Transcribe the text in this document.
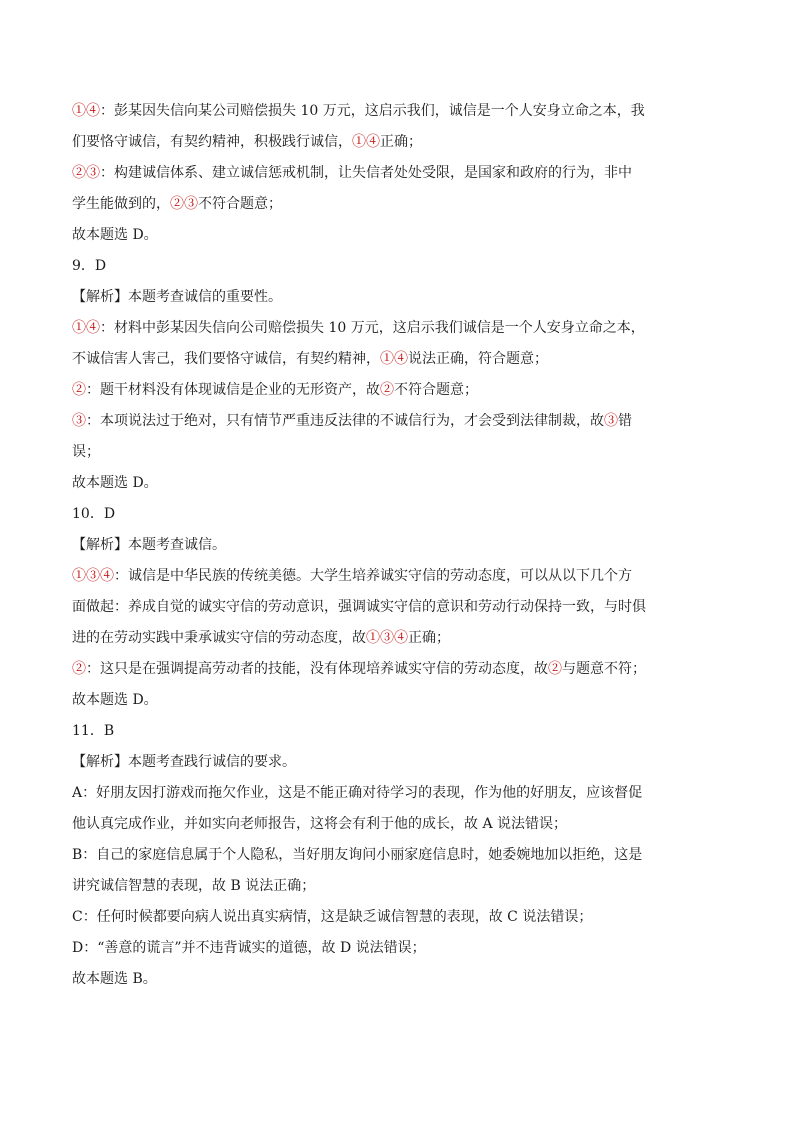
①④：彭某因失信向某公司赔偿损失 10 万元，这启示我们，诚信是一个人安身立命之本，我
们要恪守诚信，有契约精神，积极践行诚信，①④正确；
②③：构建诚信体系、建立诚信惩戒机制，让失信者处处受限，是国家和政府的行为，非中
学生能做到的，②③不符合题意；
故本题选 D。
9．D
【解析】本题考查诚信的重要性。
①④：材料中彭某因失信向公司赔偿损失 10 万元，这启示我们诚信是一个人安身立命之本，
不诚信害人害己，我们要恪守诚信，有契约精神，①④说法正确，符合题意；
②：题干材料没有体现诚信是企业的无形资产，故②不符合题意；
③：本项说法过于绝对，只有情节严重违反法律的不诚信行为，才会受到法律制裁，故③错
误；
故本题选 D。
10．D
【解析】本题考查诚信。
①③④：诚信是中华民族的传统美德。大学生培养诚实守信的劳动态度，可以从以下几个方
面做起：养成自觉的诚实守信的劳动意识，强调诚实守信的意识和劳动行动保持一致，与时俱
进的在劳动实践中秉承诚实守信的劳动态度，故①③④正确；
②：这只是在强调提高劳动者的技能，没有体现培养诚实守信的劳动态度，故②与题意不符；
故本题选 D。
11．B
【解析】本题考查践行诚信的要求。
A：好朋友因打游戏而拖欠作业，这是不能正确对待学习的表现，作为他的好朋友，应该督促
他认真完成作业，并如实向老师报告，这将会有利于他的成长，故 A 说法错误；
B：自己的家庭信息属于个人隐私，当好朋友询问小丽家庭信息时，她委婉地加以拒绝，这是
讲究诚信智慧的表现，故 B 说法正确；
C：任何时候都要向病人说出真实病情，这是缺乏诚信智慧的表现，故 C 说法错误；
D：“善意的谎言”并不违背诚实的道德，故 D 说法错误；
故本题选 B。
